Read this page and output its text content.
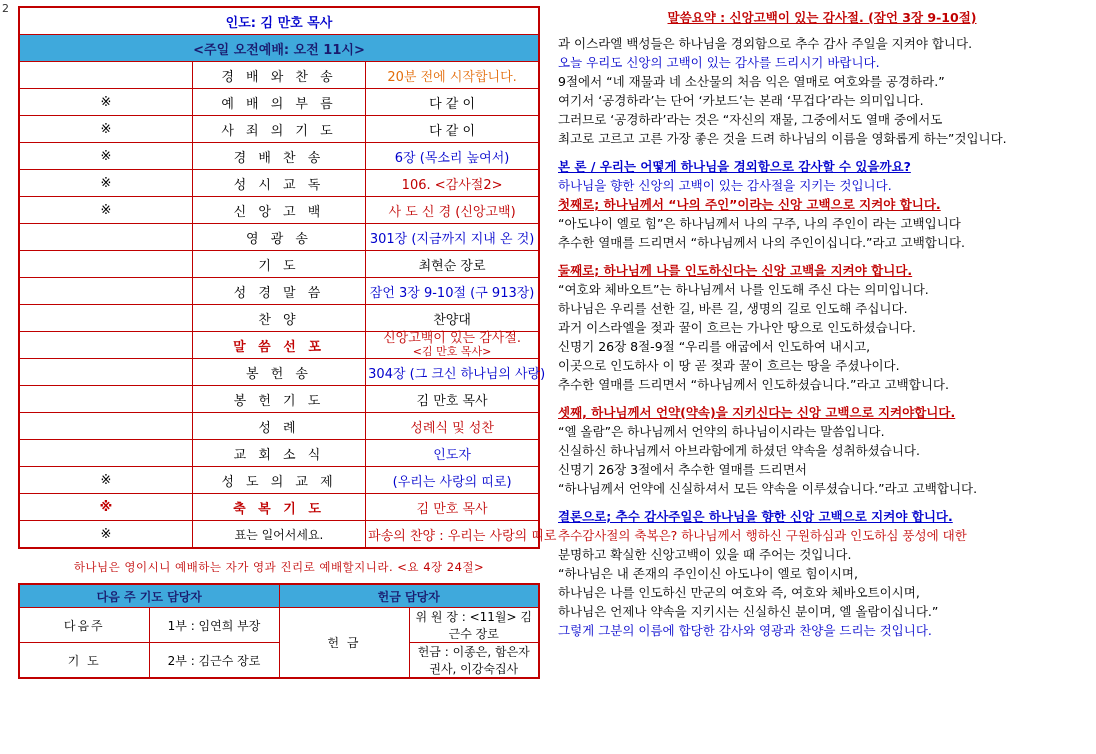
2
인도: 김 만호 목사		
<주일 오전예배: 오전 11시>		
	경 배 와 찬 송	20분 전에 시작합니다.
※	예 배 의 부 름	다 같 이
※	사 죄 의 기 도	다 같 이
※	경 배 찬 송	6장 (목소리 높여서)
※	성 시 교 독	106. <감사절2>
※	신 앙 고 백	사 도 신 경 (신앙고백)
	영 광 송	301장 (지금까지 지내 온 것)
	기 도	최현순 장로
	성 경 말 씀	잠언 3장 9-10절 (구 913장)
	찬 양	찬양대
	말 씀 선 포	신앙고백이 있는 감사절.
<김 만호 목사>

	봉 헌 송	304장 (그 크신 하나님의 사랑)
	봉 헌 기 도	김 만호 목사
	성 례	성례식 및 성찬
	교 회 소 식	인도자
※	성 도 의 교 제	(우리는 사랑의 띠로)
※	축 복 기 도	김 만호 목사
※	표는 일어서세요.	파송의 찬양 : 우리는 사랑의 띠로
하나님은 영이시니 예배하는 자가 영과 진리로 예배할지니라. <요 4장 24절>
다음 주 기도 담당자		헌금 담당자	
다음주	1부 : 임연희 부장	헌 금	위 원 장 : <11월> 김근수 장로
기 도	2부 : 김근수 장로		헌금 : 이종은, 함은자권사, 이강숙집사
말씀요약 : 신앙고백이 있는 감사절. (잠언 3장 9-10절)
과 이스라엘 백성들은 하나님을 경외함으로 추수 감사 주일을 지켜야 합니다.
오늘 우리도 신앙의 고백이 있는 감사를 드리시기 바랍니다.
9절에서 “네 재물과 네 소산물의 처음 익은 열매로 여호와를 공경하라.”
여기서 ‘공경하라’는 단어 ‘카보드’는 본래 ‘무겁다’라는 의미입니다.
그러므로 ‘공경하라’라는 것은 “자신의 재물, 그중에서도 열매 중에서도
최고로 고르고 고른 가장 좋은 것을 드려 하나님의 이름을 영화롭게 하는”것입니다.
본 론 / 우리는 어떻게 하나님을 경외함으로 감사할 수 있을까요?
하나님을 향한 신앙의 고백이 있는 감사절을 지키는 것입니다.
첫째로; 하나님께서 “나의 주인”이라는 신앙 고백으로 지켜야 합니다.
“아도나이 엘로 힘”은 하나님께서 나의 구주, 나의 주인이 라는 고백입니다
추수한 열매를 드리면서 “하나님께서 나의 주인이십니다.”라고 고백합니다.
둘째로; 하나님께 나를 인도하신다는 신앙 고백을 지켜야 합니다.
“여호와 체바오트”는 하나님께서 나를 인도해 주신 다는 의미입니다.
하나님은 우리를 선한 길, 바른 길, 생명의 길로 인도해 주십니다.
과거 이스라엘을 젖과 꿀이 흐르는 가나안 땅으로 인도하셨습니다.
신명기 26장 8절-9절 “우리를 애굽에서 인도하여 내시고,
이곳으로 인도하사 이 땅 곧 젖과 꿀이 흐르는 땅을 주셨나이다.
추수한 열매를 드리면서 “하나님께서 인도하셨습니다.”라고 고백합니다.
셋째, 하나님께서 언약(약속)을 지키신다는 신앙 고백으로 지켜야합니다.
“엘 올람”은 하나님께서 언약의 하나님이시라는 말씀입니다.
신실하신 하나님께서 아브라함에게 하셨던 약속을 성취하셨습니다.
신명기 26장 3절에서 추수한 열매를 드리면서
“하나님께서 언약에 신실하셔서 모든 약속을 이루셨습니다.”라고 고백합니다.
결론으로; 추수 감사주일은 하나님을 향한 신앙 고백으로 지켜야 합니다.
추수감사절의 축복은? 하나님께서 행하신 구원하심과 인도하심 풍성에 대한
분명하고 확실한 신앙고백이 있을 때 주어는 것입니다.
“하나님은 내 존재의 주인이신 아도나이 엘로 힘이시며,
하나님은 나를 인도하신 만군의 여호와 즉, 여호와 체바오트이시며,
하나님은 언제나 약속을 지키시는 신실하신 분이며, 엘 올람이십니다.”
그렇게 그분의 이름에 합당한 감사와 영광과 찬양을 드리는 것입니다.
